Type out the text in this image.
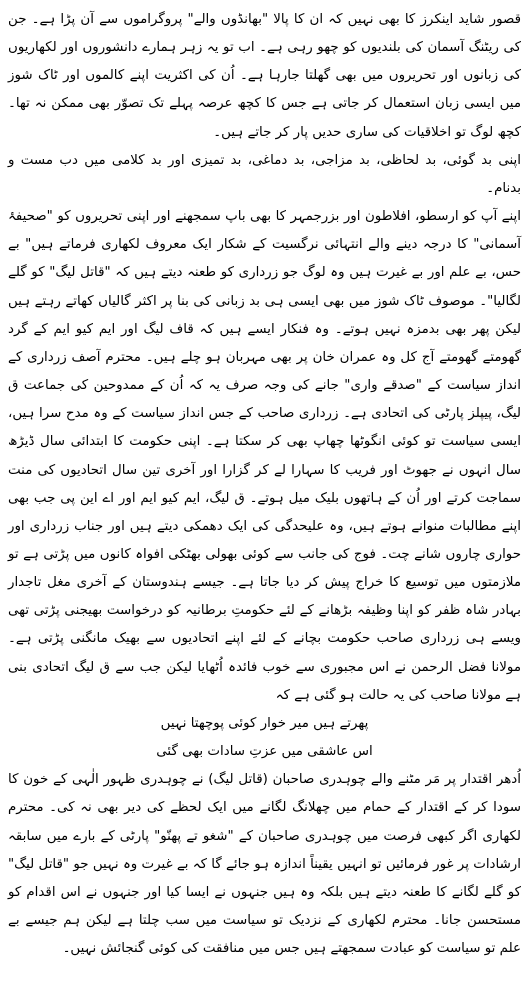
قصور شاید اینکرز کا بھی نہیں کہ ان کا پالا "بھانڈوں والے" پروگراموں سے آن پڑا ہے۔ جن کی ریٹنگ آسمان کی بلندیوں کو چھو رہی ہے۔ اب تو یہ زہر ہمارے دانشوروں اور لکھاریوں کی زبانوں اور تحریروں میں بھی گھلتا جارہا ہے۔ اُن کی اکثریت اپنے کالموں اور ٹاک شوز میں ایسی زبان استعمال کر جاتی ہے جس کا کچھ عرصہ پہلے تک تصوّر بھی ممکن نہ تھا۔ کچھ لوگ تو اخلاقیات کی ساری حدیں پار کر جاتے ہیں۔

اپنی بد گوئی، بد لحاظی، بد مزاجی، بد دماغی، بد تمیزی اور بد کلامی میں دب مست و بدنام۔

اپنے آپ کو ارسطو، افلاطون اور بزرجمہر کا بھی باپ سمجھنے اور اپنی تحریروں کو "صحیفۂ آسمانی" کا درجہ دینے والے انتہائی نرگسیت کے شکار ایک معروف لکھاری فرماتے ہیں" بے حس، بے علم اور بے غیرت ہیں وہ لوگ جو زرداری کو طعنہ دیتے ہیں کہ "قاتل لیگ" کو گلے لگالیا"۔ موصوف ٹاک شوز میں بھی ایسی ہی بد زبانی کی بنا پر اکثر گالیاں کھاتے رہتے ہیں لیکن پھر بھی بدمزہ نہیں ہوتے۔ وہ فنکار ایسے ہیں کہ قاف لیگ اور ایم کیو ایم کے گرد گھومتے گھومتے آج کل وہ عمران خان پر بھی مہربان ہو چلے ہیں۔ محترم آصف زرداری کے انداز سیاست کے "صدقے واری" جانے کی وجہ صرف یہ کہ اُن کے ممدوحین کی جماعت ق لیگ، پیپلز پارٹی کی اتحادی ہے۔ زرداری صاحب کے جس انداز سیاست کے وہ مدح سرا ہیں، ایسی سیاست تو کوئی انگوٹھا چھاپ بھی کر سکتا ہے۔ اپنی حکومت کا ابتدائی سال ڈیڑھ سال انہوں نے جھوٹ اور فریب کا سہارا لے کر گزارا اور آخری تین سال اتحادیوں کی منت سماجت کرتے اور اُن کے ہاتھوں بلیک میل ہوتے۔ ق لیگ، ایم کیو ایم اور اے این پی جب بھی اپنے مطالبات منوانے ہوتے ہیں، وہ علیحدگی کی ایک دھمکی دیتے ہیں اور جناب زرداری اور حواری چاروں شانے چت۔ فوج کی جانب سے کوئی بھولی بھٹکی افواہ کانوں میں پڑتی ہے تو ملازمتوں میں توسیع کا خراج پیش کر دیا جاتا ہے۔ جیسے ہندوستان کے آخری مغل تاجدار بہادر شاہ ظفر کو اپنا وظیفہ بڑھانے کے لئے حکومتِ برطانیہ کو درخواست بھیجنی پڑتی تھی ویسے ہی زرداری صاحب حکومت بچانے کے لئے اپنے اتحادیوں سے بھیک مانگنی پڑتی ہے۔ مولانا فضل الرحمن نے اس مجبوری سے خوب فائدہ اُٹھایا لیکن جب سے ق لیگ اتحادی بنی ہے مولانا صاحب کی یہ حالت ہو گئی ہے کہ

پھرتے ہیں میر خوار کوئی پوچھتا نہیں

اس عاشقی میں عزتِ سادات بھی گئی

اُدھر اقتدار پر مَر مٹنے والے چوہدری صاحبان (قاتل لیگ) نے چوہدری ظہور الٰہی کے خون کا سودا کر کے اقتدار کے حمام میں چھلانگ لگانے میں ایک لحظے کی دیر بھی نہ کی۔ محترم لکھاری اگر کبھی فرصت میں چوہدری صاحبان کے "شغو تے پھنّو" پارٹی کے بارے میں سابقہ ارشادات پر غور فرمائیں تو انہیں یقیناً اندازہ ہو جائے گا کہ بے غیرت وہ نہیں جو "قاتل لیگ" کو گلے لگانے کا طعنہ دیتے ہیں بلکہ وہ ہیں جنہوں نے ایسا کیا اور جنہوں نے اس اقدام کو مستحسن جانا۔ محترم لکھاری کے نزدیک تو سیاست میں سب چلتا ہے لیکن ہم جیسے بے علم تو سیاست کو عبادت سمجھتے ہیں جس میں منافقت کی کوئی گنجائش نہیں۔
